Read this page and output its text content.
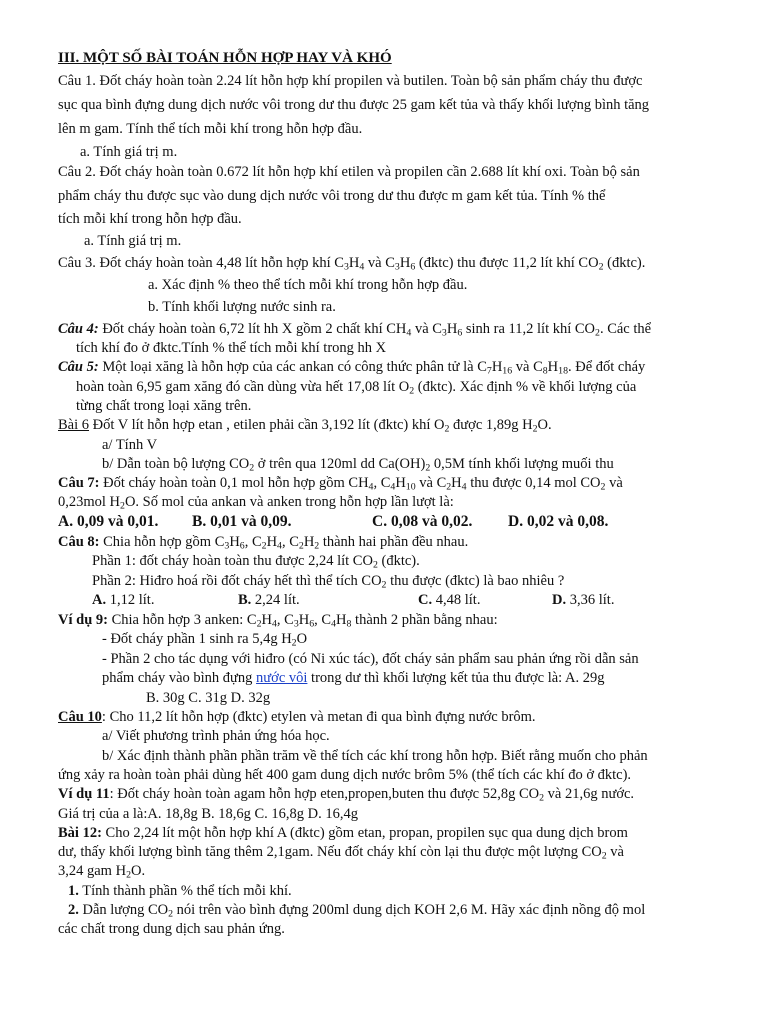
III. MỘT SỐ BÀI TOÁN HỖN HỢP HAY VÀ KHÓ
Câu 1. Đốt cháy hoàn toàn 2.24 lít hỗn hợp khí propilen và butilen. Toàn bộ sản phẩm cháy thu được
sục qua bình đựng dung dịch nước vôi trong dư thu được 25 gam kết tủa và thấy khối lượng bình tăng
lên m gam. Tính thể tích mỗi khí trong hỗn hợp đầu.
a. Tính giá trị m.
Câu 2. Đốt cháy hoàn toàn 0.672 lít hỗn hợp khí etilen và propilen cần 2.688 lít khí oxi. Toàn bộ sản
phẩm cháy thu được sục vào dung dịch nước vôi trong dư thu được m gam kết tủa. Tính % thể
tích mỗi khí trong hỗn hợp đầu.
a. Tính giá trị m.
Câu 3. Đốt cháy hoàn toàn 4,48 lít hỗn hợp khí $C_3H_4$ và $C_3H_6$ (đktc) thu được 11,2 lít khí $CO_2$ (đktc).
a. Xác định % theo thể tích mỗi khí trong hỗn hợp đầu.
b. Tính khối lượng nước sinh ra.
Câu 4: Đốt cháy hoàn toàn 6,72 lít hh X gồm 2 chất khí $CH_4$ và $C_3H_6$ sinh ra 11,2 lít khí $CO_2$. Các thể
tích khí đo ở đktc.Tính % thể tích mỗi khí trong hh X
Câu 5: Một loại xăng là hỗn hợp của các ankan có công thức phân tử là $C_7H_{16}$ và $C_8H_{18}$. Để đốt cháy
hoàn toàn 6,95 gam xăng đó cần dùng vừa hết 17,08 lít $O_2$ (đktc). Xác định % về khối lượng của
từng chất trong loại xăng trên.
Bài 6 Đốt V lít hỗn hợp etan , etilen phải cần 3,192 lít (đktc) khí $O_2$ được 1,89g $H_2O$.
a/ Tính V
b/ Dẫn toàn bộ lượng $CO_2$ ở trên qua 120ml dd $Ca(OH)_2$ 0,5M tính khối lượng muối thu
Câu 7: Đốt cháy hoàn toàn 0,1 mol hỗn hợp gồm $CH_4$, $C_4H_{10}$ và $C_2H_4$ thu được 0,14 mol $CO_2$ và
0,23mol $H_2O$. Số mol của ankan và anken trong hỗn hợp lần lượt là:
A. 0,09 và 0,01. B. 0,01 và 0,09.	C. 0,08 và 0,02. D. 0,02 và 0,08.
Câu 8: Chia hỗn hợp gồm $C_3H_6$, $C_2H_4$, $C_2H_2$ thành hai phần đều nhau.
Phần 1: đốt cháy hoàn toàn thu được 2,24 lít $CO_2$ (đktc).
Phần 2: Hiđro hoá rồi đốt cháy hết thì thể tích $CO_2$ thu được (đktc) là bao nhiêu ?
A. 1,12 lít.	B. 2,24 lít.	C. 4,48 lít.	D. 3,36 lít.
Ví dụ 9: Chia hỗn hợp 3 anken: $C_2H_4$, $C_3H_6$, $C_4H_8$ thành 2 phần bằng nhau:
- Đốt cháy phần 1 sinh ra 5,4g $H_2O$
- Phần 2 cho tác dụng với hiđro (có Ni xúc tác), đốt cháy sản phẩm sau phản ứng rồi dẫn sản
phẩm cháy vào bình đựng nước vôi trong dư thì khối lượng kết tủa thu được là: A. 29g
B. 30g C. 31g D. 32g
Câu 10: Cho 11,2 lít hỗn hợp (đktc) etylen và metan đi qua bình đựng nước brôm.
a/ Viết phương trình phản ứng hóa học.
b/ Xác định thành phần phần trăm về thể tích các khí trong hỗn hợp. Biết rằng muốn cho phản
ứng xảy ra hoàn toàn phải dùng hết 400 gam dung dịch nước brôm 5% (thể tích các khí đo ở đktc).
Ví dụ 11: Đốt cháy hoàn toàn agam hỗn hợp eten,propen,buten thu được 52,8g $CO_2$ và 21,6g nước.
Giá trị của a là:A. 18,8g B. 18,6g C. 16,8g D. 16,4g
Bài 12: Cho 2,24 lít một hỗn hợp khí A (đktc) gồm etan, propan, propilen sục qua dung dịch brom
dư, thấy khối lượng bình tăng thêm 2,1gam. Nếu đốt cháy khí còn lại thu được một lượng $CO_2$ và
3,24 gam $H_2O$.
1. Tính thành phần % thể tích mỗi khí.
2. Dẫn lượng $CO_2$ nói trên vào bình đựng 200ml dung dịch KOH 2,6 M. Hãy xác định nồng độ mol
các chất trong dung dịch sau phản ứng.
